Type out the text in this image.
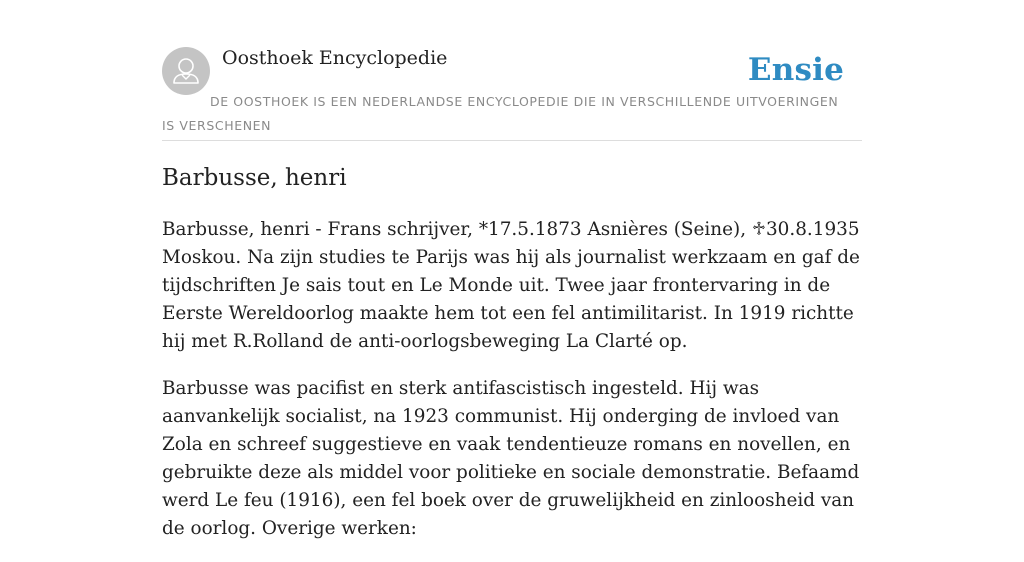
Oosthoek Encyclopedie	Ensie
DE OOSTHOEK IS EEN NEDERLANDSE ENCYCLOPEDIE DIE IN VERSCHILLENDE UITVOERINGEN IS VERSCHENEN
Barbusse, henri

Barbusse, henri - Frans schrijver, *17.5.1873 Asnières (Seine), ♱30.8.1935 Moskou. Na zijn studies te Parijs was hij als journalist werkzaam en gaf de tijdschriften Je sais tout en Le Monde uit. Twee jaar frontervaring in de Eerste Wereldoorlog maakte hem tot een fel antimilitarist. In 1919 richtte hij met R.Rolland de anti-oorlogsbeweging La Clarté op.

Barbusse was pacifist en sterk antifascistisch ingesteld. Hij was aanvankelijk socialist, na 1923 communist. Hij onderging de invloed van Zola en schreef suggestieve en vaak tendentieuze romans en novellen, en gebruikte deze als middel voor politieke en sociale demonstratie. Befaamd werd Le feu (1916), een fel boek over de gruwelijkheid en zinloosheid van de oorlog. Overige werken:
